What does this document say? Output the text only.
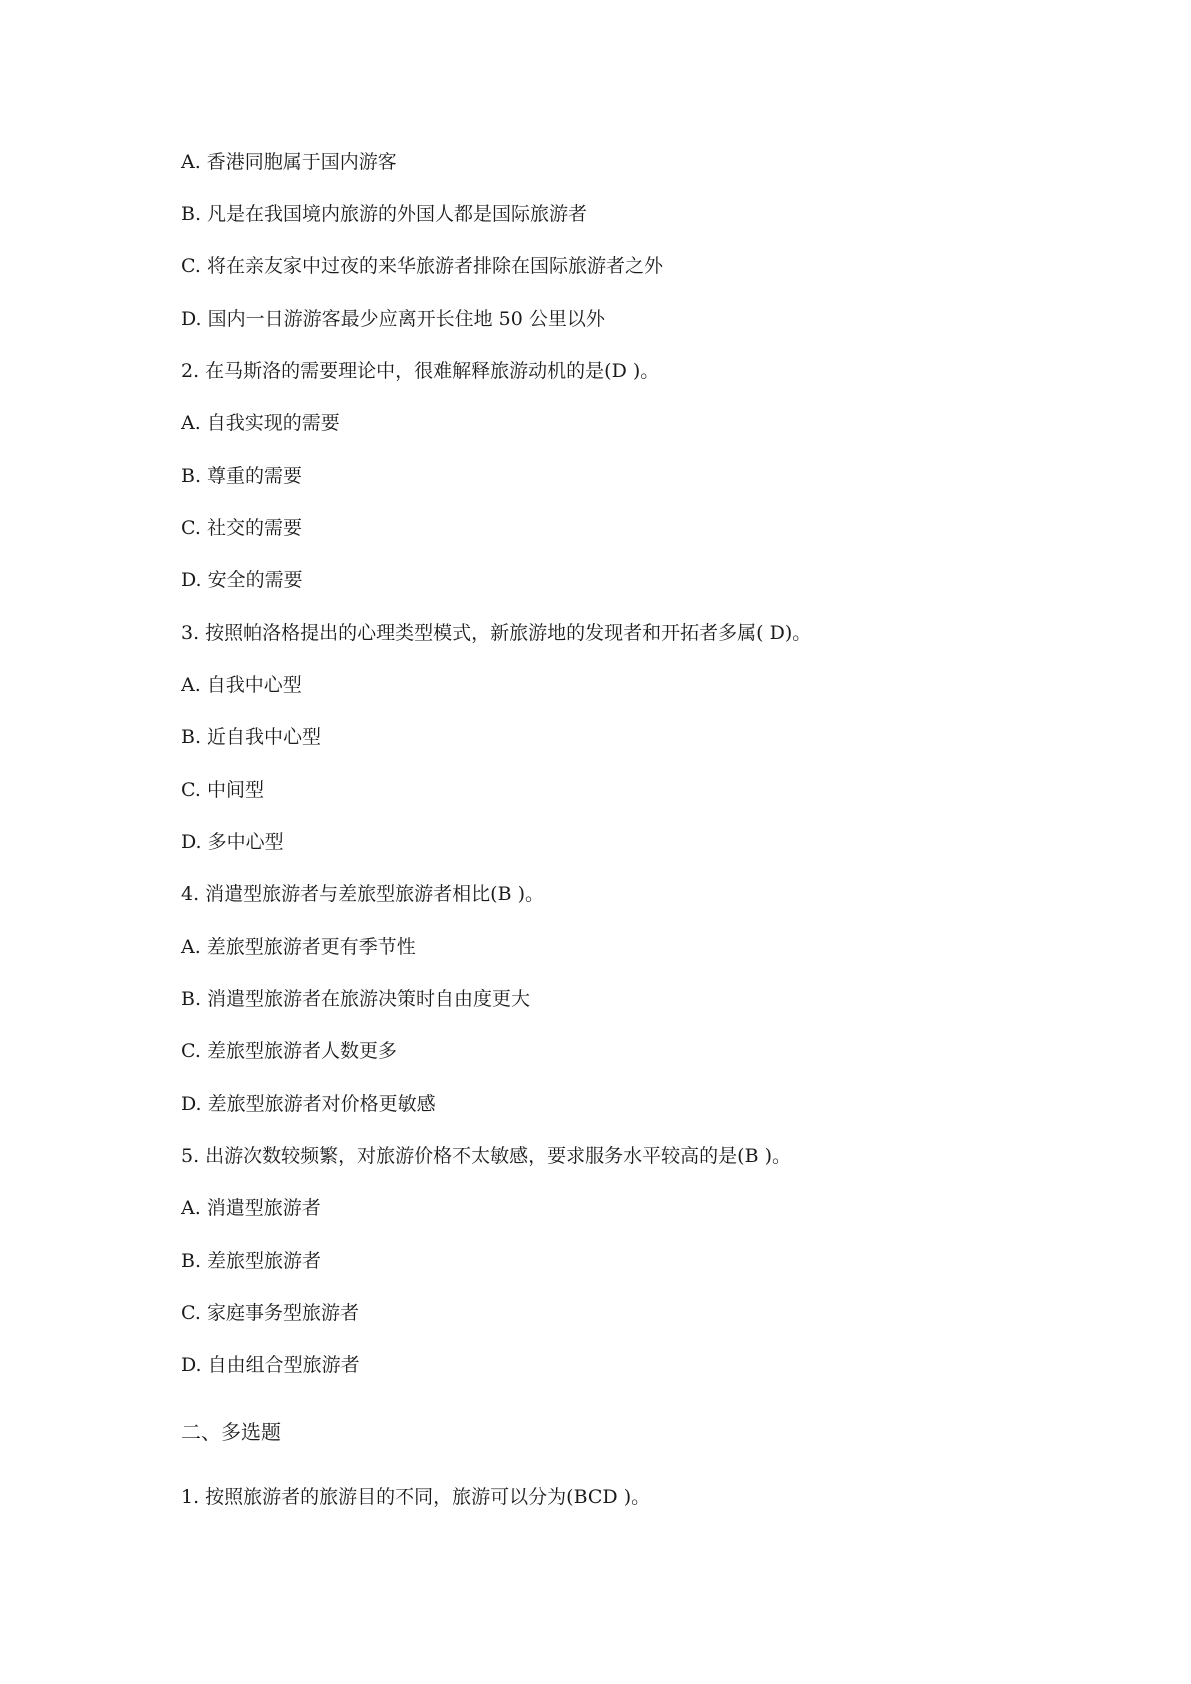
A. 香港同胞属于国内游客

B. 凡是在我国境内旅游的外国人都是国际旅游者

C. 将在亲友家中过夜的来华旅游者排除在国际旅游者之外

D. 国内一日游游客最少应离开长住地 50 公里以外

2. 在马斯洛的需要理论中，很难解释旅游动机的是(D )。

A. 自我实现的需要

B. 尊重的需要

C. 社交的需要

D. 安全的需要

3. 按照帕洛格提出的心理类型模式，新旅游地的发现者和开拓者多属( D)。

A. 自我中心型

B. 近自我中心型

C. 中间型

D. 多中心型

4. 消遣型旅游者与差旅型旅游者相比(B )。

A. 差旅型旅游者更有季节性

B. 消遣型旅游者在旅游决策时自由度更大

C. 差旅型旅游者人数更多

D. 差旅型旅游者对价格更敏感

5. 出游次数较频繁，对旅游价格不太敏感，要求服务水平较高的是(B )。

A. 消遣型旅游者

B. 差旅型旅游者

C. 家庭事务型旅游者

D. 自由组合型旅游者

二、多选题

1. 按照旅游者的旅游目的不同，旅游可以分为(BCD )。
